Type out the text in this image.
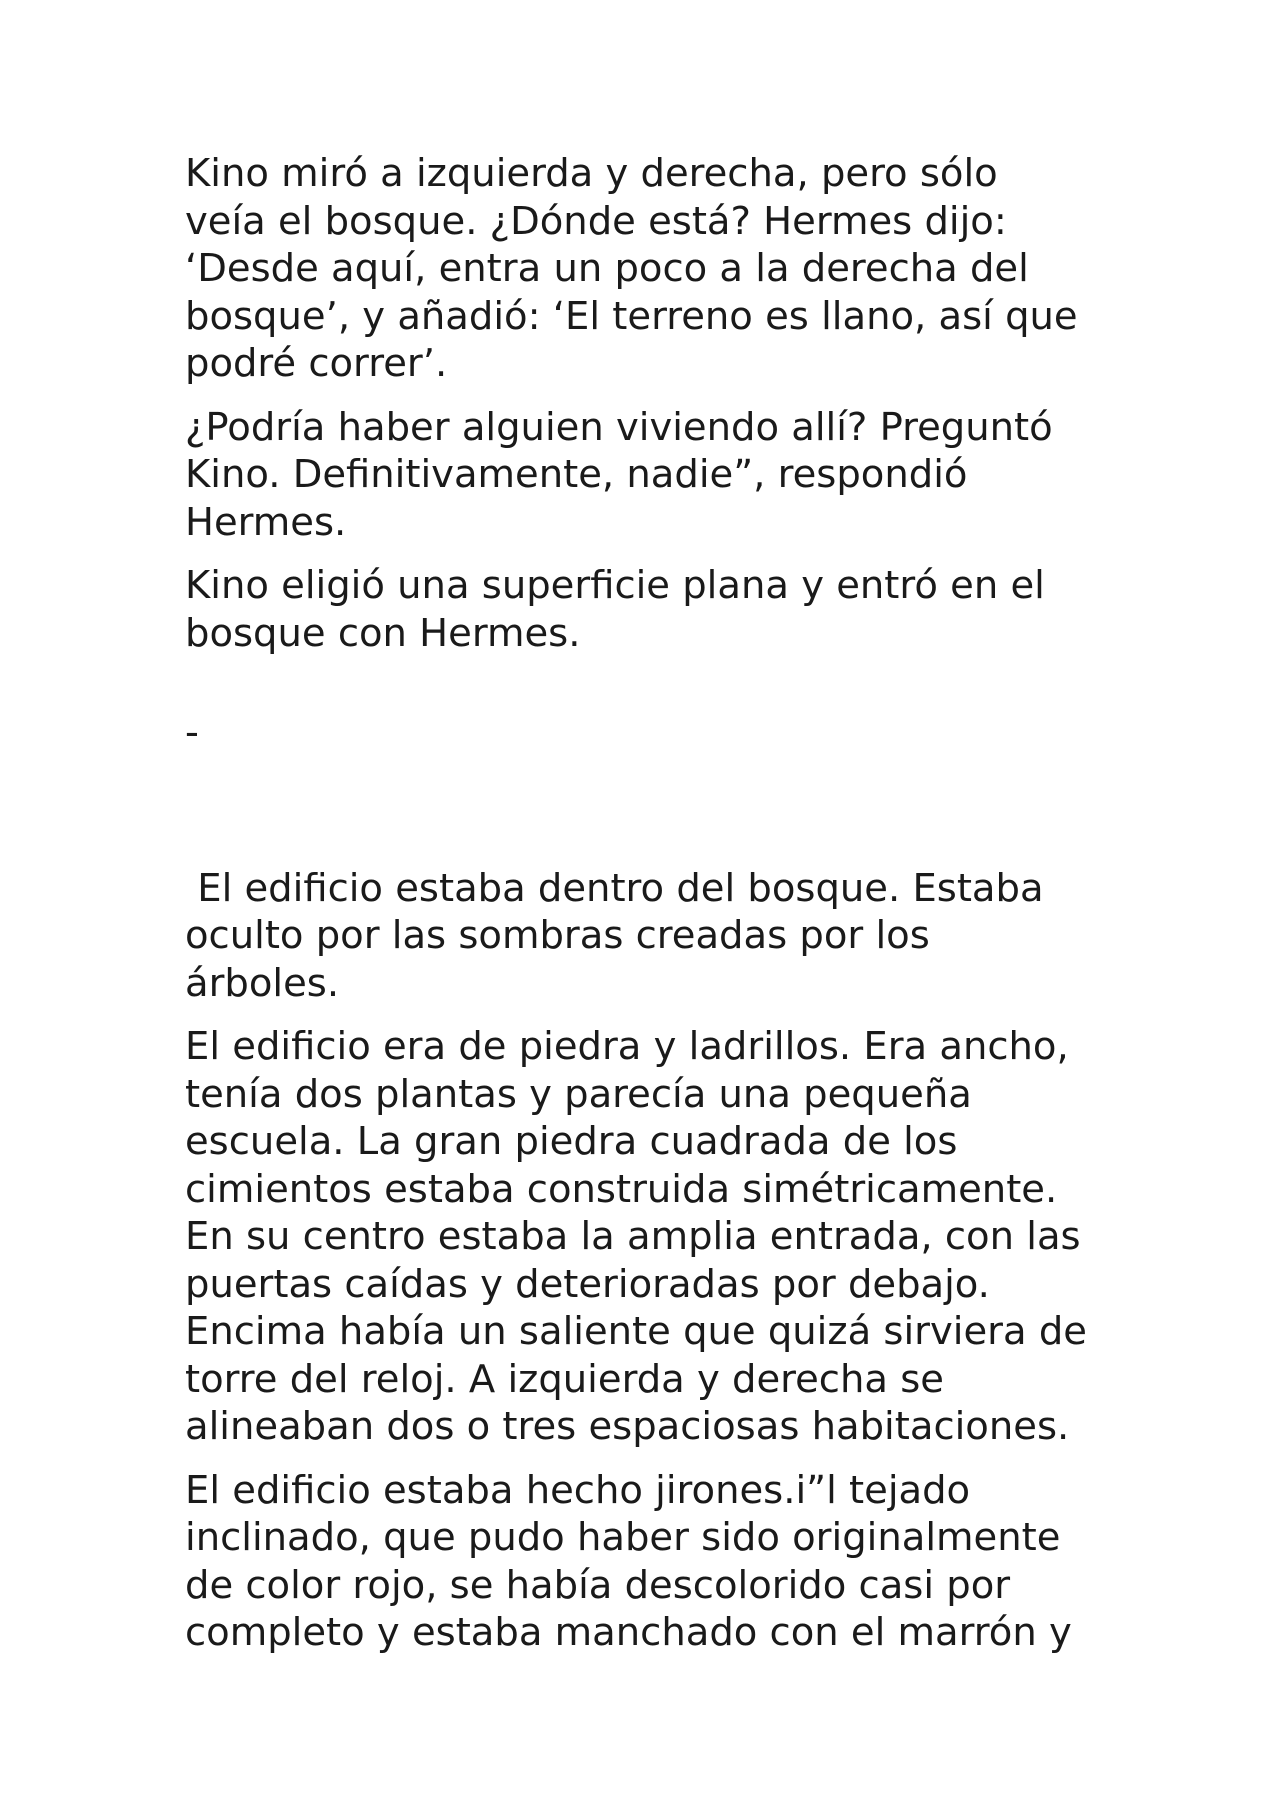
Kino miró a izquierda y derecha, pero sólo
veía el bosque. ¿Dónde está? Hermes dijo:
‘Desde aquí, entra un poco a la derecha del
bosque’, y añadió: ‘El terreno es llano, así que
podré correr’.

¿Podría haber alguien viviendo allí? Preguntó
Kino. Definitivamente, nadie”, respondió
Hermes.

Kino eligió una superficie plana y entró en el
bosque con Hermes.

-

El edificio estaba dentro del bosque. Estaba
oculto por las sombras creadas por los
árboles.

El edificio era de piedra y ladrillos. Era ancho,
tenía dos plantas y parecía una pequeña
escuela. La gran piedra cuadrada de los
cimientos estaba construida simétricamente.
En su centro estaba la amplia entrada, con las
puertas caídas y deterioradas por debajo.
Encima había un saliente que quizá sirviera de
torre del reloj. A izquierda y derecha se
alineaban dos o tres espaciosas habitaciones.

El edificio estaba hecho jirones.i”l tejado
inclinado, que pudo haber sido originalmente
de color rojo, se había descolorido casi por
completo y estaba manchado con el marrón y
